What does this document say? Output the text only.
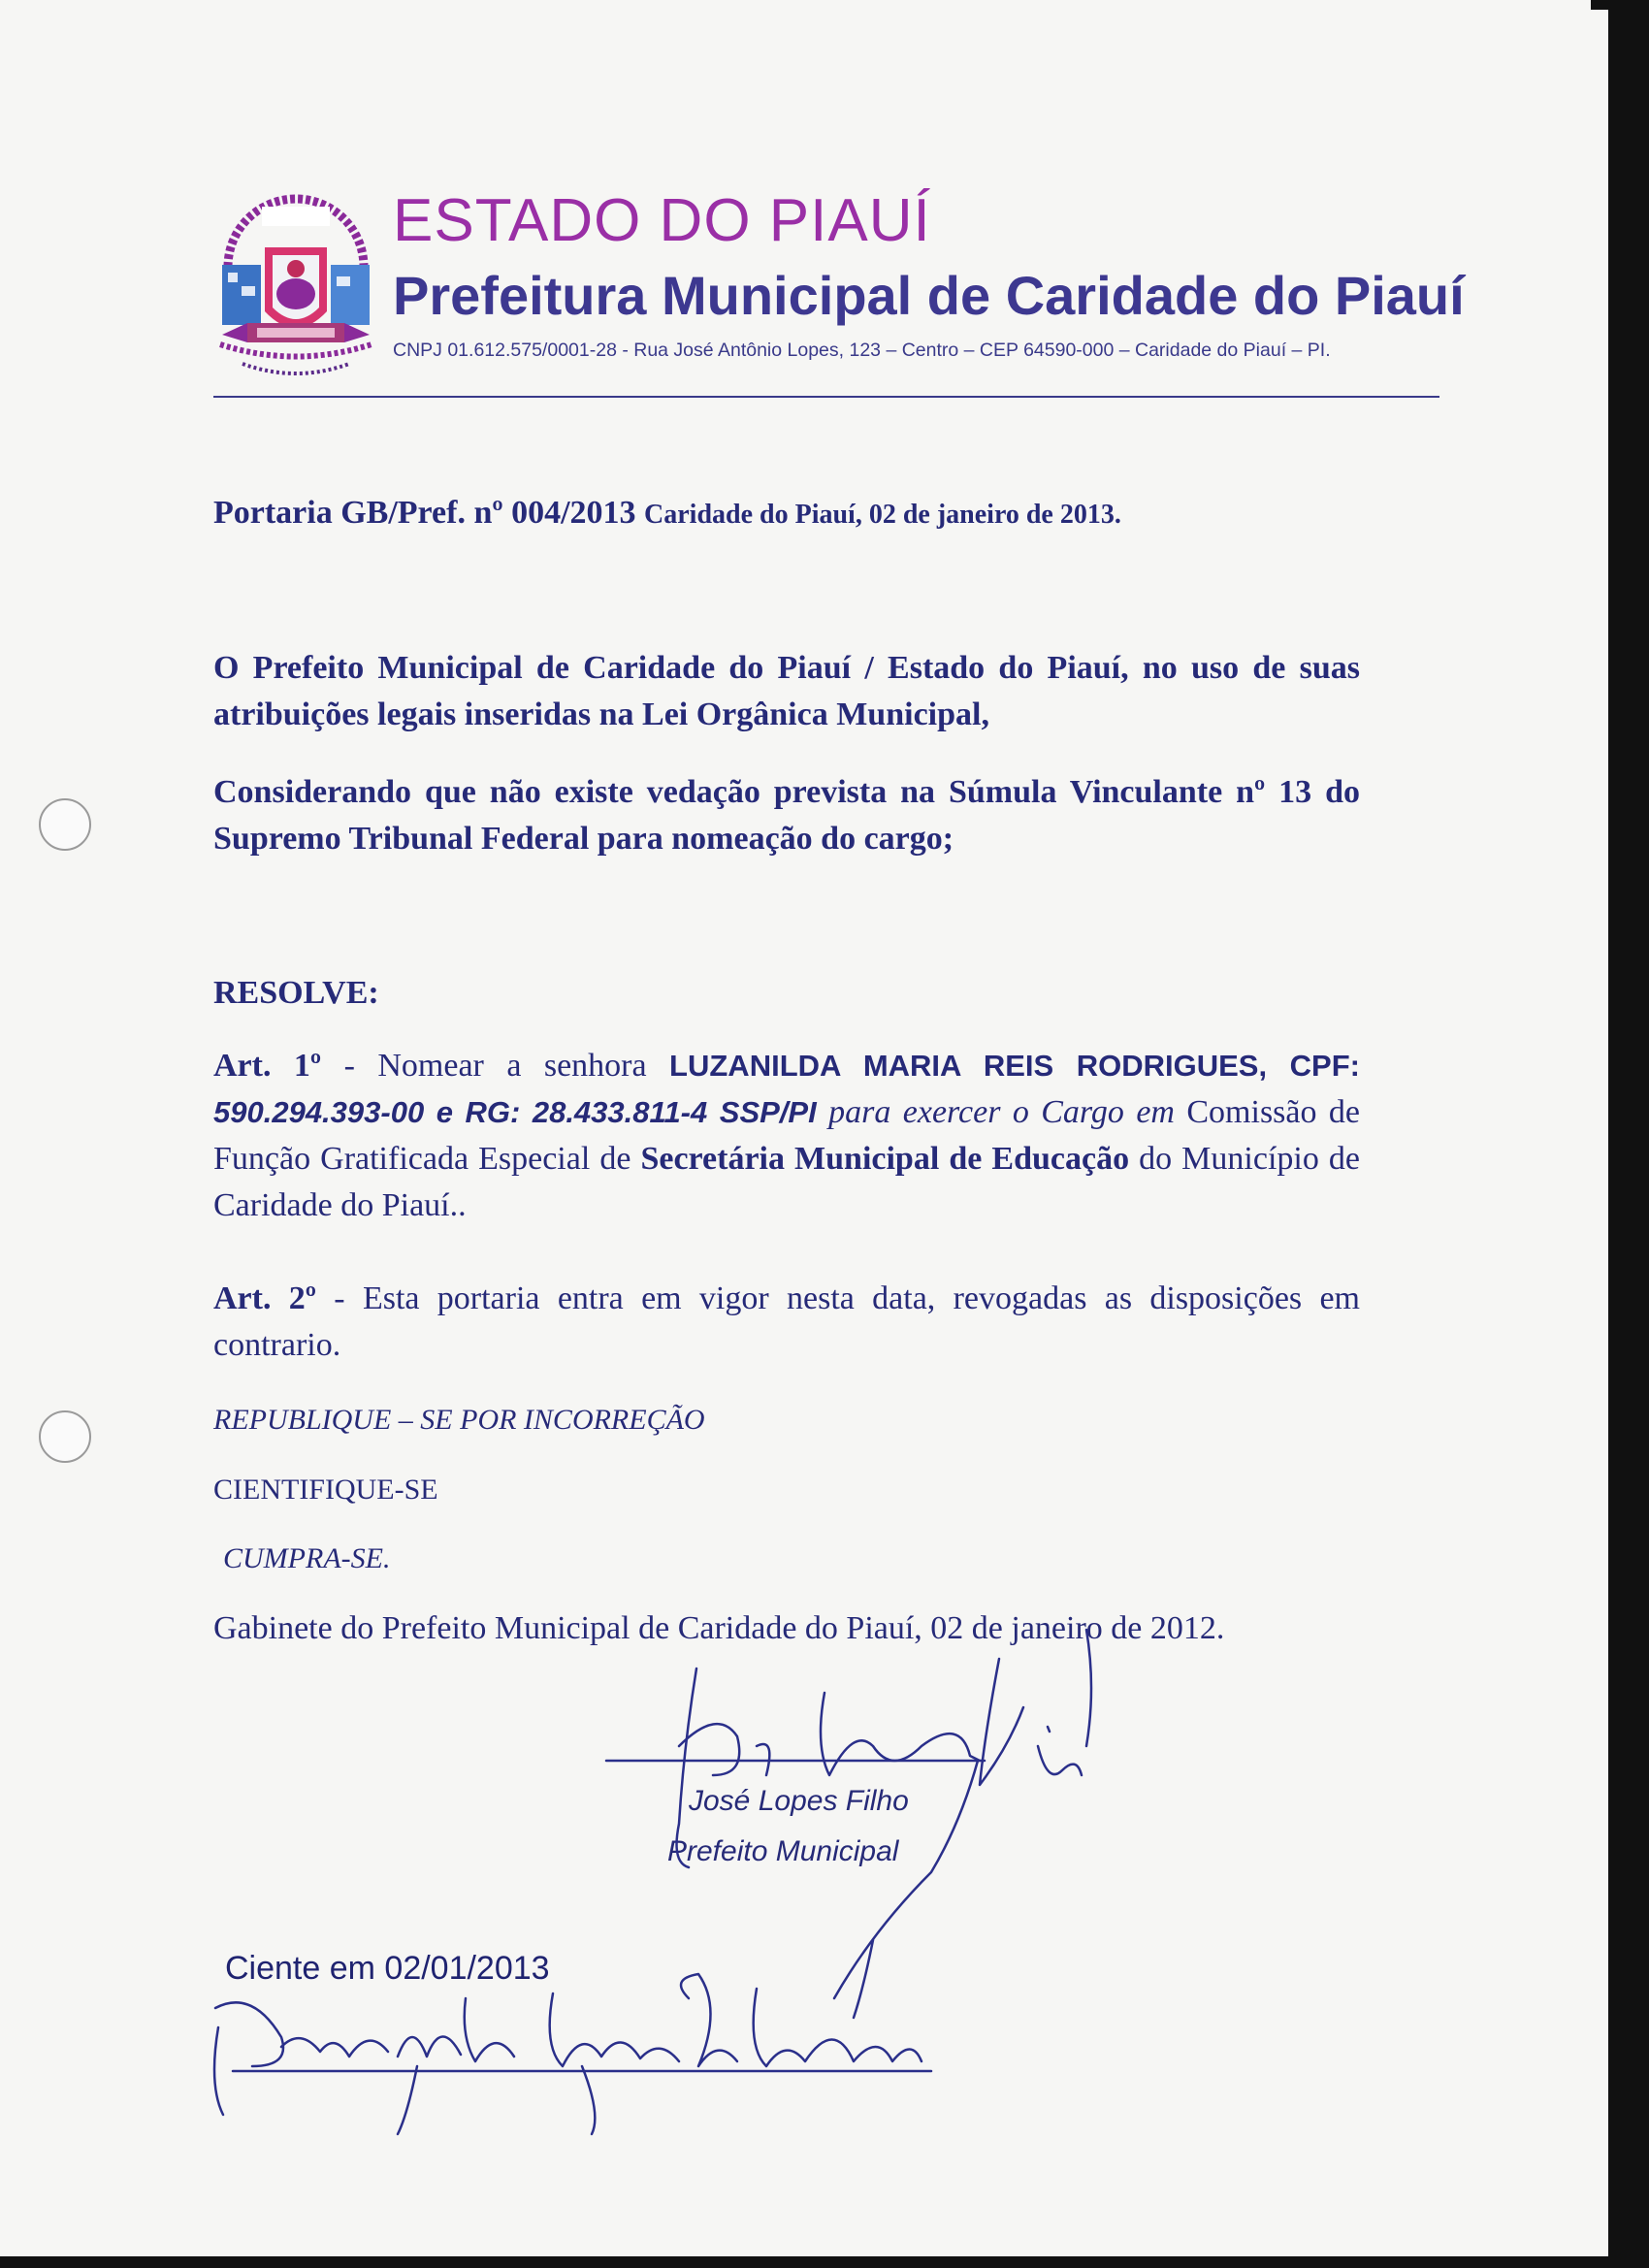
ESTADO DO PIAUÍ
Prefeitura Municipal de Caridade do Piauí
CNPJ 01.612.575/0001-28 - Rua José Antônio Lopes, 123 – Centro – CEP 64590-000 – Caridade do Piauí – PI.
Portaria GB/Pref. nº 004/2013 Caridade do Piauí, 02 de janeiro de 2013.
O Prefeito Municipal de Caridade do Piauí / Estado do Piauí, no uso de suas atribuições legais inseridas na Lei Orgânica Municipal,
Considerando que não existe vedação prevista na Súmula Vinculante nº 13 do Supremo Tribunal Federal para nomeação do cargo;
RESOLVE:
Art. 1º - Nomear a senhora LUZANILDA MARIA REIS RODRIGUES, CPF: 590.294.393-00 e RG: 28.433.811-4 SSP/PI para exercer o Cargo em Comissão de Função Gratificada Especial de Secretária Municipal de Educação do Município de Caridade do Piauí..
Art. 2º - Esta portaria entra em vigor nesta data, revogadas as disposições em contrario.
REPUBLIQUE – SE POR INCORREÇÃO
CIENTIFIQUE-SE
CUMPRA-SE.
Gabinete do Prefeito Municipal de Caridade do Piauí, 02 de janeiro de 2012.
José Lopes Filho
Prefeito Municipal
Ciente em 02/01/2013
